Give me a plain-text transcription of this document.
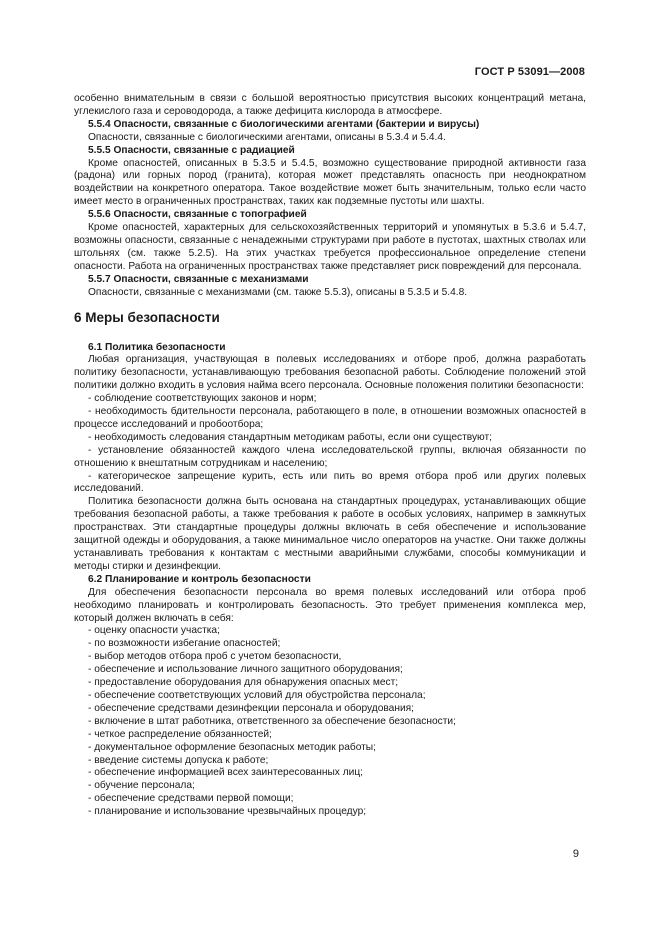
ГОСТ Р 53091—2008

особенно внимательным в связи с большой вероятностью присутствия высоких концентраций метана, углекислого газа и сероводорода, а также дефицита кислорода в атмосфере.

5.5.4 Опасности, связанные с биологическими агентами (бактерии и вирусы)

Опасности, связанные с биологическими агентами, описаны в 5.3.4 и 5.4.4.

5.5.5 Опасности, связанные с радиацией

Кроме опасностей, описанных в 5.3.5 и 5.4.5, возможно существование природной активности газа (радона) или горных пород (гранита), которая может представлять опасность при неоднократном воздействии на конкретного оператора. Такое воздействие может быть значительным, только если часто имеет место в ограниченных пространствах, таких как подземные пустоты или шахты.

5.5.6 Опасности, связанные с топографией

Кроме опасностей, характерных для сельскохозяйственных территорий и упомянутых в 5.3.6 и 5.4.7, возможны опасности, связанные с ненадежными структурами при работе в пустотах, шахтных стволах или штольнях (см. также 5.2.5). На этих участках требуется профессиональное определение степени опасности. Работа на ограниченных пространствах также представляет риск повреждений для персонала.

5.5.7 Опасности, связанные с механизмами

Опасности, связанные с механизмами (см. также 5.5.3), описаны в 5.3.5 и 5.4.8.

6 Меры безопасности

6.1 Политика безопасности

Любая организация, участвующая в полевых исследованиях и отборе проб, должна разработать политику безопасности, устанавливающую требования безопасной работы. Соблюдение положений этой политики должно входить в условия найма всего персонала. Основные положения политики безопасности:

- соблюдение соответствующих законов и норм;

- необходимость бдительности персонала, работающего в поле, в отношении возможных опасностей в процессе исследований и пробоотбора;

- необходимость следования стандартным методикам работы, если они существуют;

- установление обязанностей каждого члена исследовательской группы, включая обязанности по отношению к внештатным сотрудникам и населению;

- категорическое запрещение курить, есть или пить во время отбора проб или других полевых исследований.

Политика безопасности должна быть основана на стандартных процедурах, устанавливающих общие требования безопасной работы, а также требования к работе в особых условиях, например в замкнутых пространствах. Эти стандартные процедуры должны включать в себя обеспечение и использование защитной одежды и оборудования, а также минимальное число операторов на участке. Они также должны устанавливать требования к контактам с местными аварийными службами, способы коммуникации и методы стирки и дезинфекции.

6.2 Планирование и контроль безопасности

Для обеспечения безопасности персонала во время полевых исследований или отбора проб необходимо планировать и контролировать безопасность. Это требует применения комплекса мер, который должен включать в себя:

- оценку опасности участка;

- по возможности избегание опасностей;

- выбор методов отбора проб с учетом безопасности,

- обеспечение и использование личного защитного оборудования;

- предоставление оборудования для обнаружения опасных мест;

- обеспечение соответствующих условий для обустройства персонала;

- обеспечение средствами дезинфекции персонала и оборудования;

- включение в штат работника, ответственного за обеспечение безопасности;

- четкое распределение обязанностей;

- документальное оформление безопасных методик работы;

- введение системы допуска к работе;

- обеспечение информацией всех заинтересованных лиц;

- обучение персонала;

- обеспечение средствами первой помощи;

- планирование и использование чрезвычайных процедур;

9
